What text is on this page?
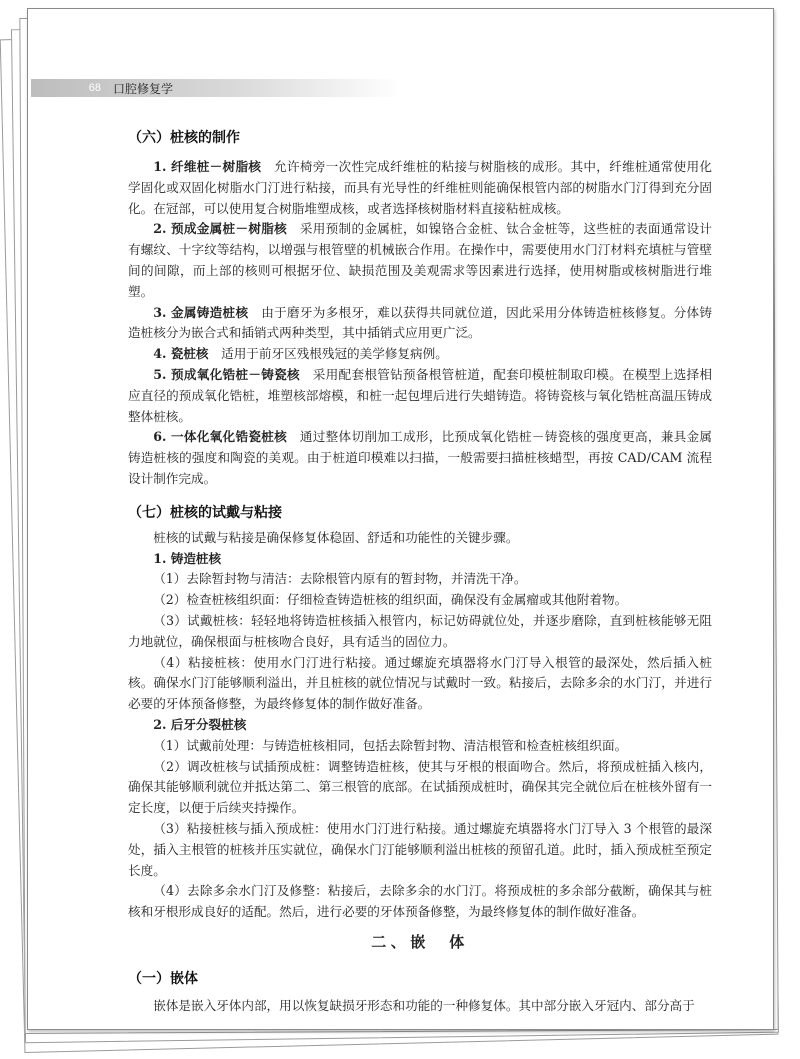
68	口腔修复学
（六）桩核的制作

1. 纤维桩－树脂核　 允许椅旁一次性完成纤维桩的粘接与树脂核的成形。其中，纤维桩通常使用化学固化或双固化树脂水门汀进行粘接，而具有光导性的纤维桩则能确保根管内部的树脂水门汀得到充分固化。在冠部，可以使用复合树脂堆塑成核，或者选择核树脂材料直接粘桩成核。

2. 预成金属桩－树脂核　 采用预制的金属桩，如镍铬合金桩、钛合金桩等，这些桩的表面通常设计有螺纹、十字纹等结构，以增强与根管壁的机械嵌合作用。在操作中，需要使用水门汀材料充填桩与管壁间的间隙，而上部的核则可根据牙位、缺损范围及美观需求等因素进行选择，使用树脂或核树脂进行堆塑。

3. 金属铸造桩核　 由于磨牙为多根牙，难以获得共同就位道，因此采用分体铸造桩核修复。分体铸造桩核分为嵌合式和插销式两种类型，其中插销式应用更广泛。

4. 瓷桩核　 适用于前牙区残根残冠的美学修复病例。

5. 预成氧化锆桩－铸瓷核　 采用配套根管钻预备根管桩道，配套印模桩制取印模。在模型上选择相应直径的预成氧化锆桩，堆塑核部熔模，和桩一起包埋后进行失蜡铸造。将铸瓷核与氧化锆桩高温压铸成整体桩核。

6. 一体化氧化锆瓷桩核　 通过整体切削加工成形，比预成氧化锆桩－铸瓷核的强度更高，兼具金属铸造桩核的强度和陶瓷的美观。由于桩道印模难以扫描，一般需要扫描桩核蜡型，再按 CAD/CAM 流程设计制作完成。

（七）桩核的试戴与粘接

桩核的试戴与粘接是确保修复体稳固、舒适和功能性的关键步骤。

1. 铸造桩核

（1）去除暂封物与清洁：去除根管内原有的暂封物，并清洗干净。

（2）检查桩核组织面：仔细检查铸造桩核的组织面，确保没有金属瘤或其他附着物。

（3）试戴桩核：轻轻地将铸造桩核插入根管内，标记妨碍就位处，并逐步磨除，直到桩核能够无阻力地就位，确保根面与桩核吻合良好，具有适当的固位力。

（4）粘接桩核：使用水门汀进行粘接。通过螺旋充填器将水门汀导入根管的最深处，然后插入桩核。确保水门汀能够顺利溢出，并且桩核的就位情况与试戴时一致。粘接后，去除多余的水门汀，并进行必要的牙体预备修整，为最终修复体的制作做好准备。

2. 后牙分裂桩核

（1）试戴前处理：与铸造桩核相同，包括去除暂封物、清洁根管和检查桩核组织面。

（2）调改桩核与试插预成桩：调整铸造桩核，使其与牙根的根面吻合。然后，将预成桩插入核内，确保其能够顺利就位并抵达第二、第三根管的底部。在试插预成桩时，确保其完全就位后在桩核外留有一定长度，以便于后续夹持操作。

（3）粘接桩核与插入预成桩：使用水门汀进行粘接。通过螺旋充填器将水门汀导入 3 个根管的最深处，插入主根管的桩核并压实就位，确保水门汀能够顺利溢出桩核的预留孔道。此时，插入预成桩至预定长度。

（4）去除多余水门汀及修整：粘接后，去除多余的水门汀。将预成桩的多余部分截断，确保其与桩核和牙根形成良好的适配。然后，进行必要的牙体预备修整，为最终修复体的制作做好准备。

二、嵌　体
（一）嵌体

嵌体是嵌入牙体内部，用以恢复缺损牙形态和功能的一种修复体。其中部分嵌入牙冠内、部分高于
